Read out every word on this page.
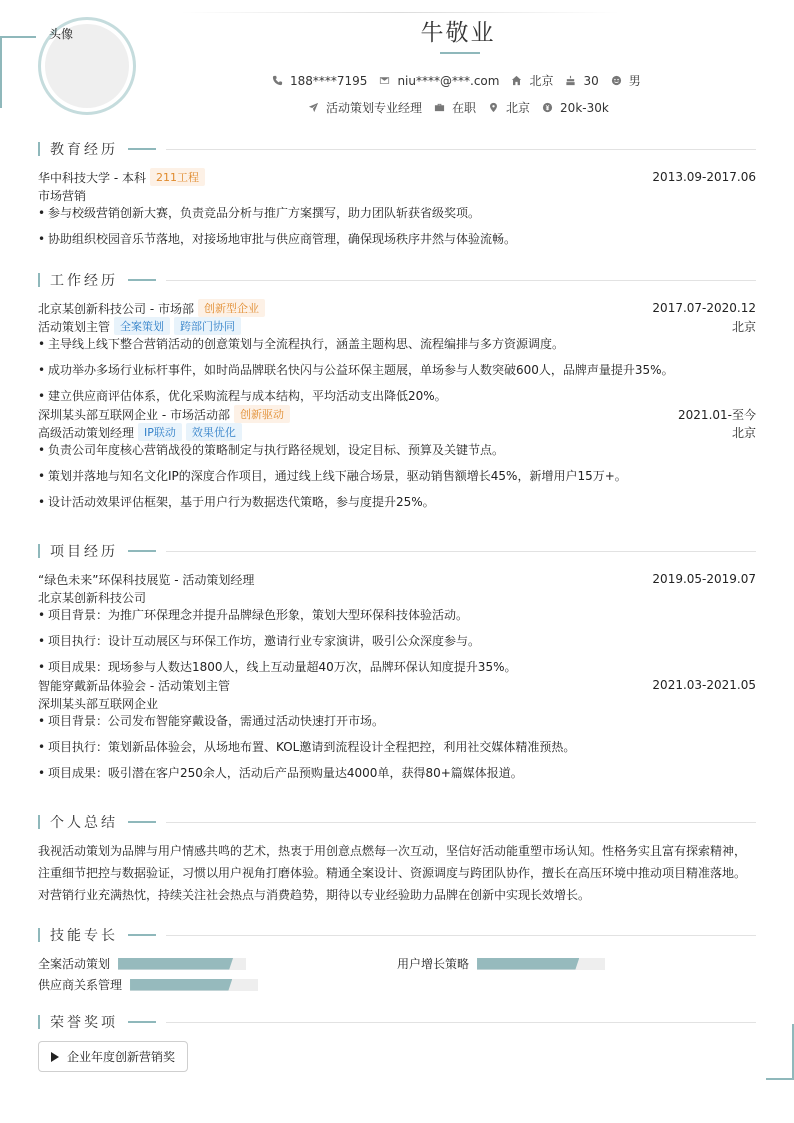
头像	牛敬业
188****7195	niu****@***.com	北京	30	男
活动策划专业经理	在职	北京	20k-30k
教育经历
华中科技大学 - 本科 211工程	2013.09-2017.06
市场营销
• 参与校级营销创新大赛，负责竞品分析与推广方案撰写，助力团队斩获省级奖项。
• 协助组织校园音乐节落地，对接场地审批与供应商管理，确保现场秩序井然与体验流畅。
工作经历
北京某创新科技公司 - 市场部 创新型企业	2017.07-2020.12
活动策划主管 全案策划	跨部门协同	北京
• 主导线上线下整合营销活动的创意策划与全流程执行，涵盖主题构思、流程编排与多方资源调度。
• 成功举办多场行业标杆事件，如时尚品牌联名快闪与公益环保主题展，单场参与人数突破600人，品牌声量提升35%。
• 建立供应商评估体系，优化采购流程与成本结构，平均活动支出降低20%。
深圳某头部互联网企业 - 市场活动部 创新驱动	2021.01-至今
高级活动策划经理 IP联动	效果优化	北京
• 负责公司年度核心营销战役的策略制定与执行路径规划，设定目标、预算及关键节点。
• 策划并落地与知名文化IP的深度合作项目，通过线上线下融合场景，驱动销售额增长45%，新增用户15万+。
• 设计活动效果评估框架，基于用户行为数据迭代策略，参与度提升25%。
项目经历
“绿色未来”环保科技展览 - 活动策划经理	2019.05-2019.07
北京某创新科技公司
• 项目背景：为推广环保理念并提升品牌绿色形象，策划大型环保科技体验活动。
• 项目执行：设计互动展区与环保工作坊，邀请行业专家演讲，吸引公众深度参与。
• 项目成果：现场参与人数达1800人，线上互动量超40万次，品牌环保认知度提升35%。
智能穿戴新品体验会 - 活动策划主管	2021.03-2021.05
深圳某头部互联网企业
• 项目背景：公司发布智能穿戴设备，需通过活动快速打开市场。
• 项目执行：策划新品体验会，从场地布置、KOL邀请到流程设计全程把控，利用社交媒体精准预热。
• 项目成果：吸引潜在客户250余人，活动后产品预购量达4000单，获得80+篇媒体报道。
个人总结
我视活动策划为品牌与用户情感共鸣的艺术，热衷于用创意点燃每一次互动，坚信好活动能重塑市场认知。性格务实且富有探索精神，
注重细节把控与数据验证，习惯以用户视角打磨体验。精通全案设计、资源调度与跨团队协作，擅长在高压环境中推动项目精准落地。
对营销行业充满热忱，持续关注社会热点与消费趋势，期待以专业经验助力品牌在创新中实现长效增长。
技能专长
全案活动策划	用户增长策略
供应商关系管理
荣誉奖项
企业年度创新营销奖
